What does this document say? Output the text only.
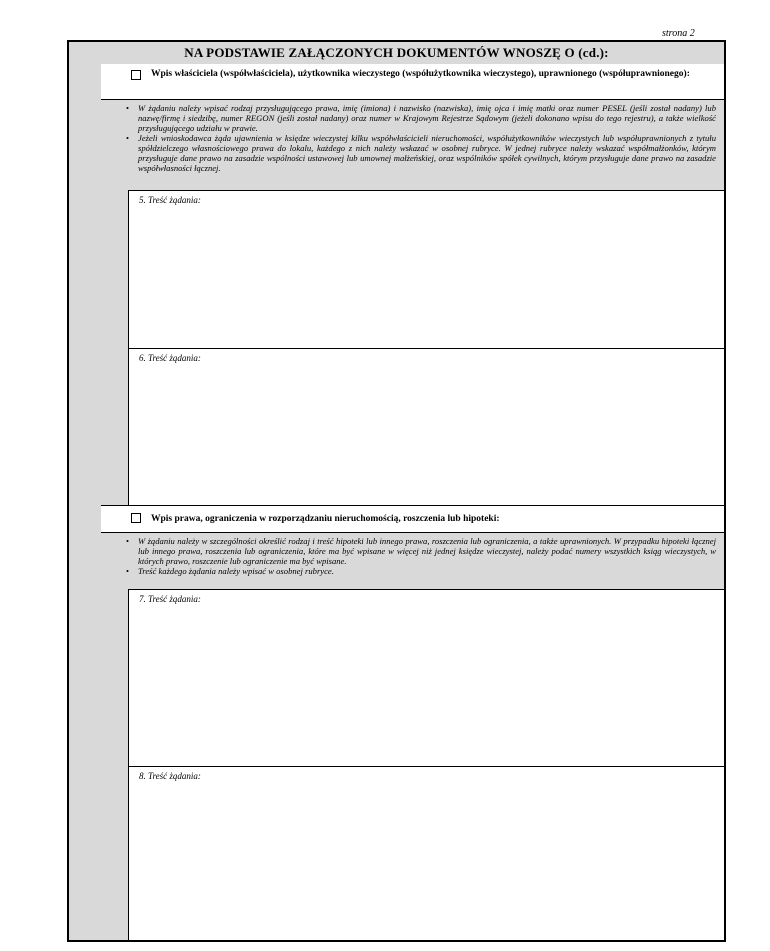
strona 2
NA PODSTAWIE ZAŁĄCZONYCH DOKUMENTÓW WNOSZĘ O (cd.):
Wpis właściciela (współwłaściciela), użytkownika wieczystego (współużytkownika wieczystego), uprawnionego (współuprawnionego):
• W żądaniu należy wpisać rodzaj przysługującego prawa, imię (imiona) i nazwisko (nazwiska), imię ojca i imię matki oraz numer PESEL (jeśli został nadany) lub nazwę/firmę i siedzibę, numer REGON (jeśli został nadany) oraz numer w Krajowym Rejestrze Sądowym (jeżeli dokonano wpisu do tego rejestru), a także wielkość przysługującego udziału w prawie.
• Jeżeli wnioskodawca żąda ujawnienia w księdze wieczystej kilku współwłaścicieli nieruchomości, współużytkowników wieczystych lub współuprawnionych z tytułu spółdzielczego własnościowego prawa do lokalu, każdego z nich należy wskazać w osobnej rubryce. W jednej rubryce należy wskazać współmałżonków, którym przysługuje dane prawo na zasadzie wspólności ustawowej lub umownej małżeńskiej, oraz wspólników spółek cywilnych, którym przysługuje dane prawo na zasadzie współwłasności łącznej.
5. Treść żądania:
6. Treść żądania:
Wpis prawa, ograniczenia w rozporządzaniu nieruchomością, roszczenia lub hipoteki:
• W żądaniu należy w szczególności określić rodzaj i treść hipoteki lub innego prawa, roszczenia lub ograniczenia, a także uprawnionych. W przypadku hipoteki łącznej lub innego prawa, roszczenia lub ograniczenia, które ma być wpisane w więcej niż jednej księdze wieczystej, należy podać numery wszystkich ksiąg wieczystych, w których prawo, roszczenie lub ograniczenie ma być wpisane.
• Treść każdego żądania należy wpisać w osobnej rubryce.
7. Treść żądania:
8. Treść żądania:
